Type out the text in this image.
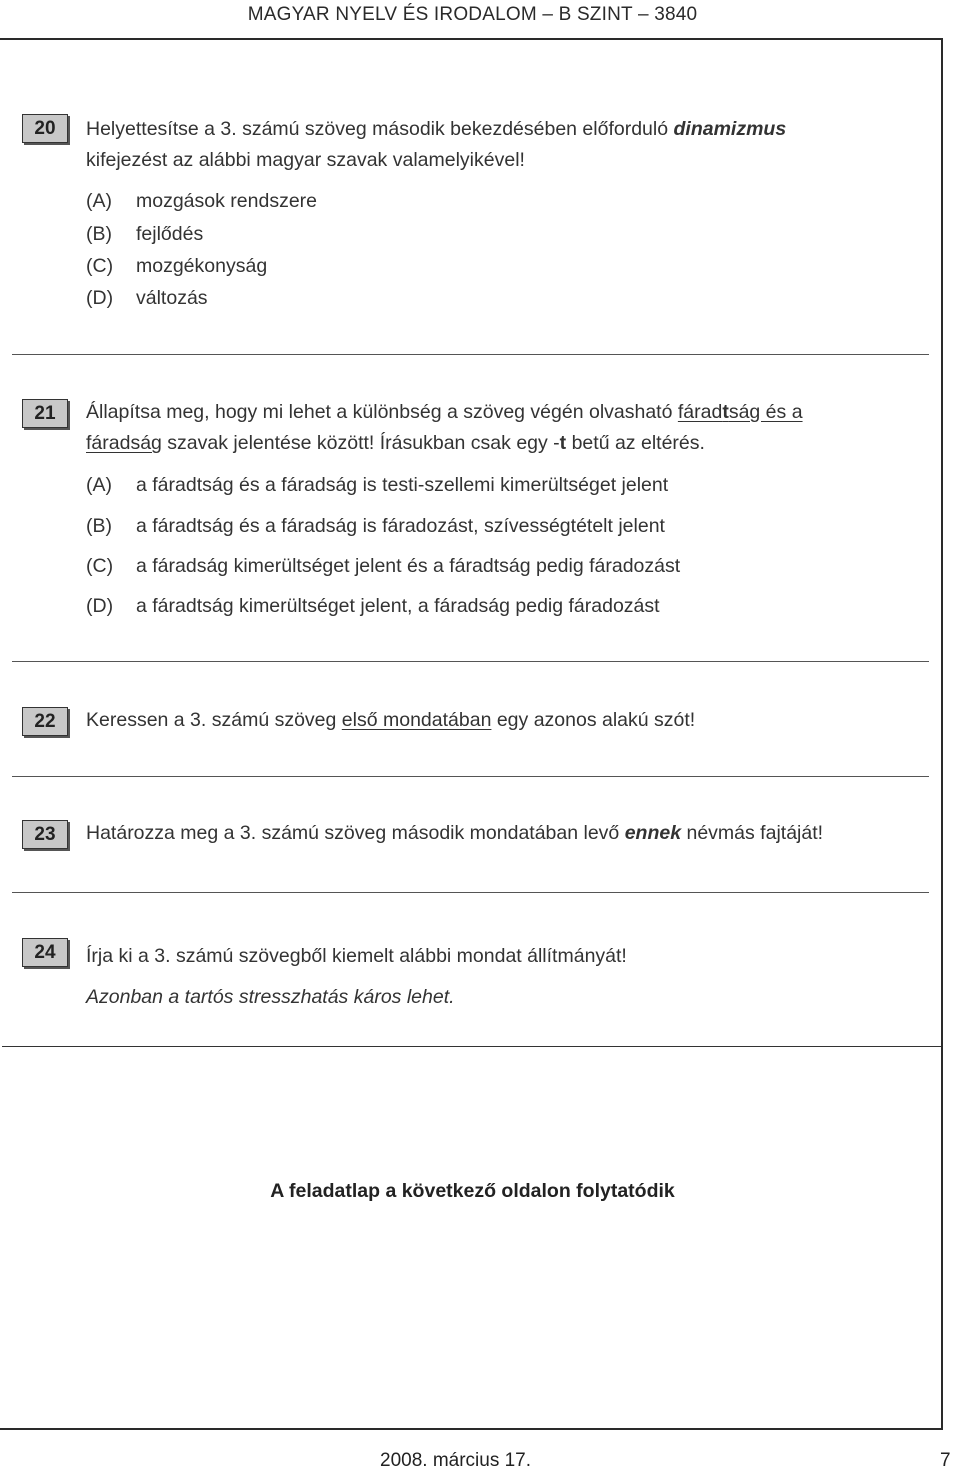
MAGYAR NYELV ÉS IRODALOM – B SZINT – 3840
20	Helyettesítse a 3. számú szöveg második bekezdésében előforduló dinamizmus
kifejezést az alábbi magyar szavak valamelyikével!
(A) mozgások rendszere
(B) fejlődés
(C) mozgékonyság
(D) változás
21	Állapítsa meg, hogy mi lehet a különbség a szöveg végén olvasható fáradtság és a
fáradság szavak jelentése között! Írásukban csak egy -t betű az eltérés.
(A) a fáradtság és a fáradság is testi-szellemi kimerültséget jelent
(B) a fáradtság és a fáradság is fáradozást, szívességtételt jelent
(C) a fáradság kimerültséget jelent és a fáradtság pedig fáradozást
(D) a fáradtság kimerültséget jelent, a fáradság pedig fáradozást
22	Keressen a 3. számú szöveg első mondatában egy azonos alakú szót!
23	Határozza meg a 3. számú szöveg második mondatában levő ennek névmás fajtáját!
24	Írja ki a 3. számú szövegből kiemelt alábbi mondat állítmányát!
Azonban a tartós stresszhatás káros lehet.
A feladatlap a következő oldalon folytatódik
2008. március 17.	7
